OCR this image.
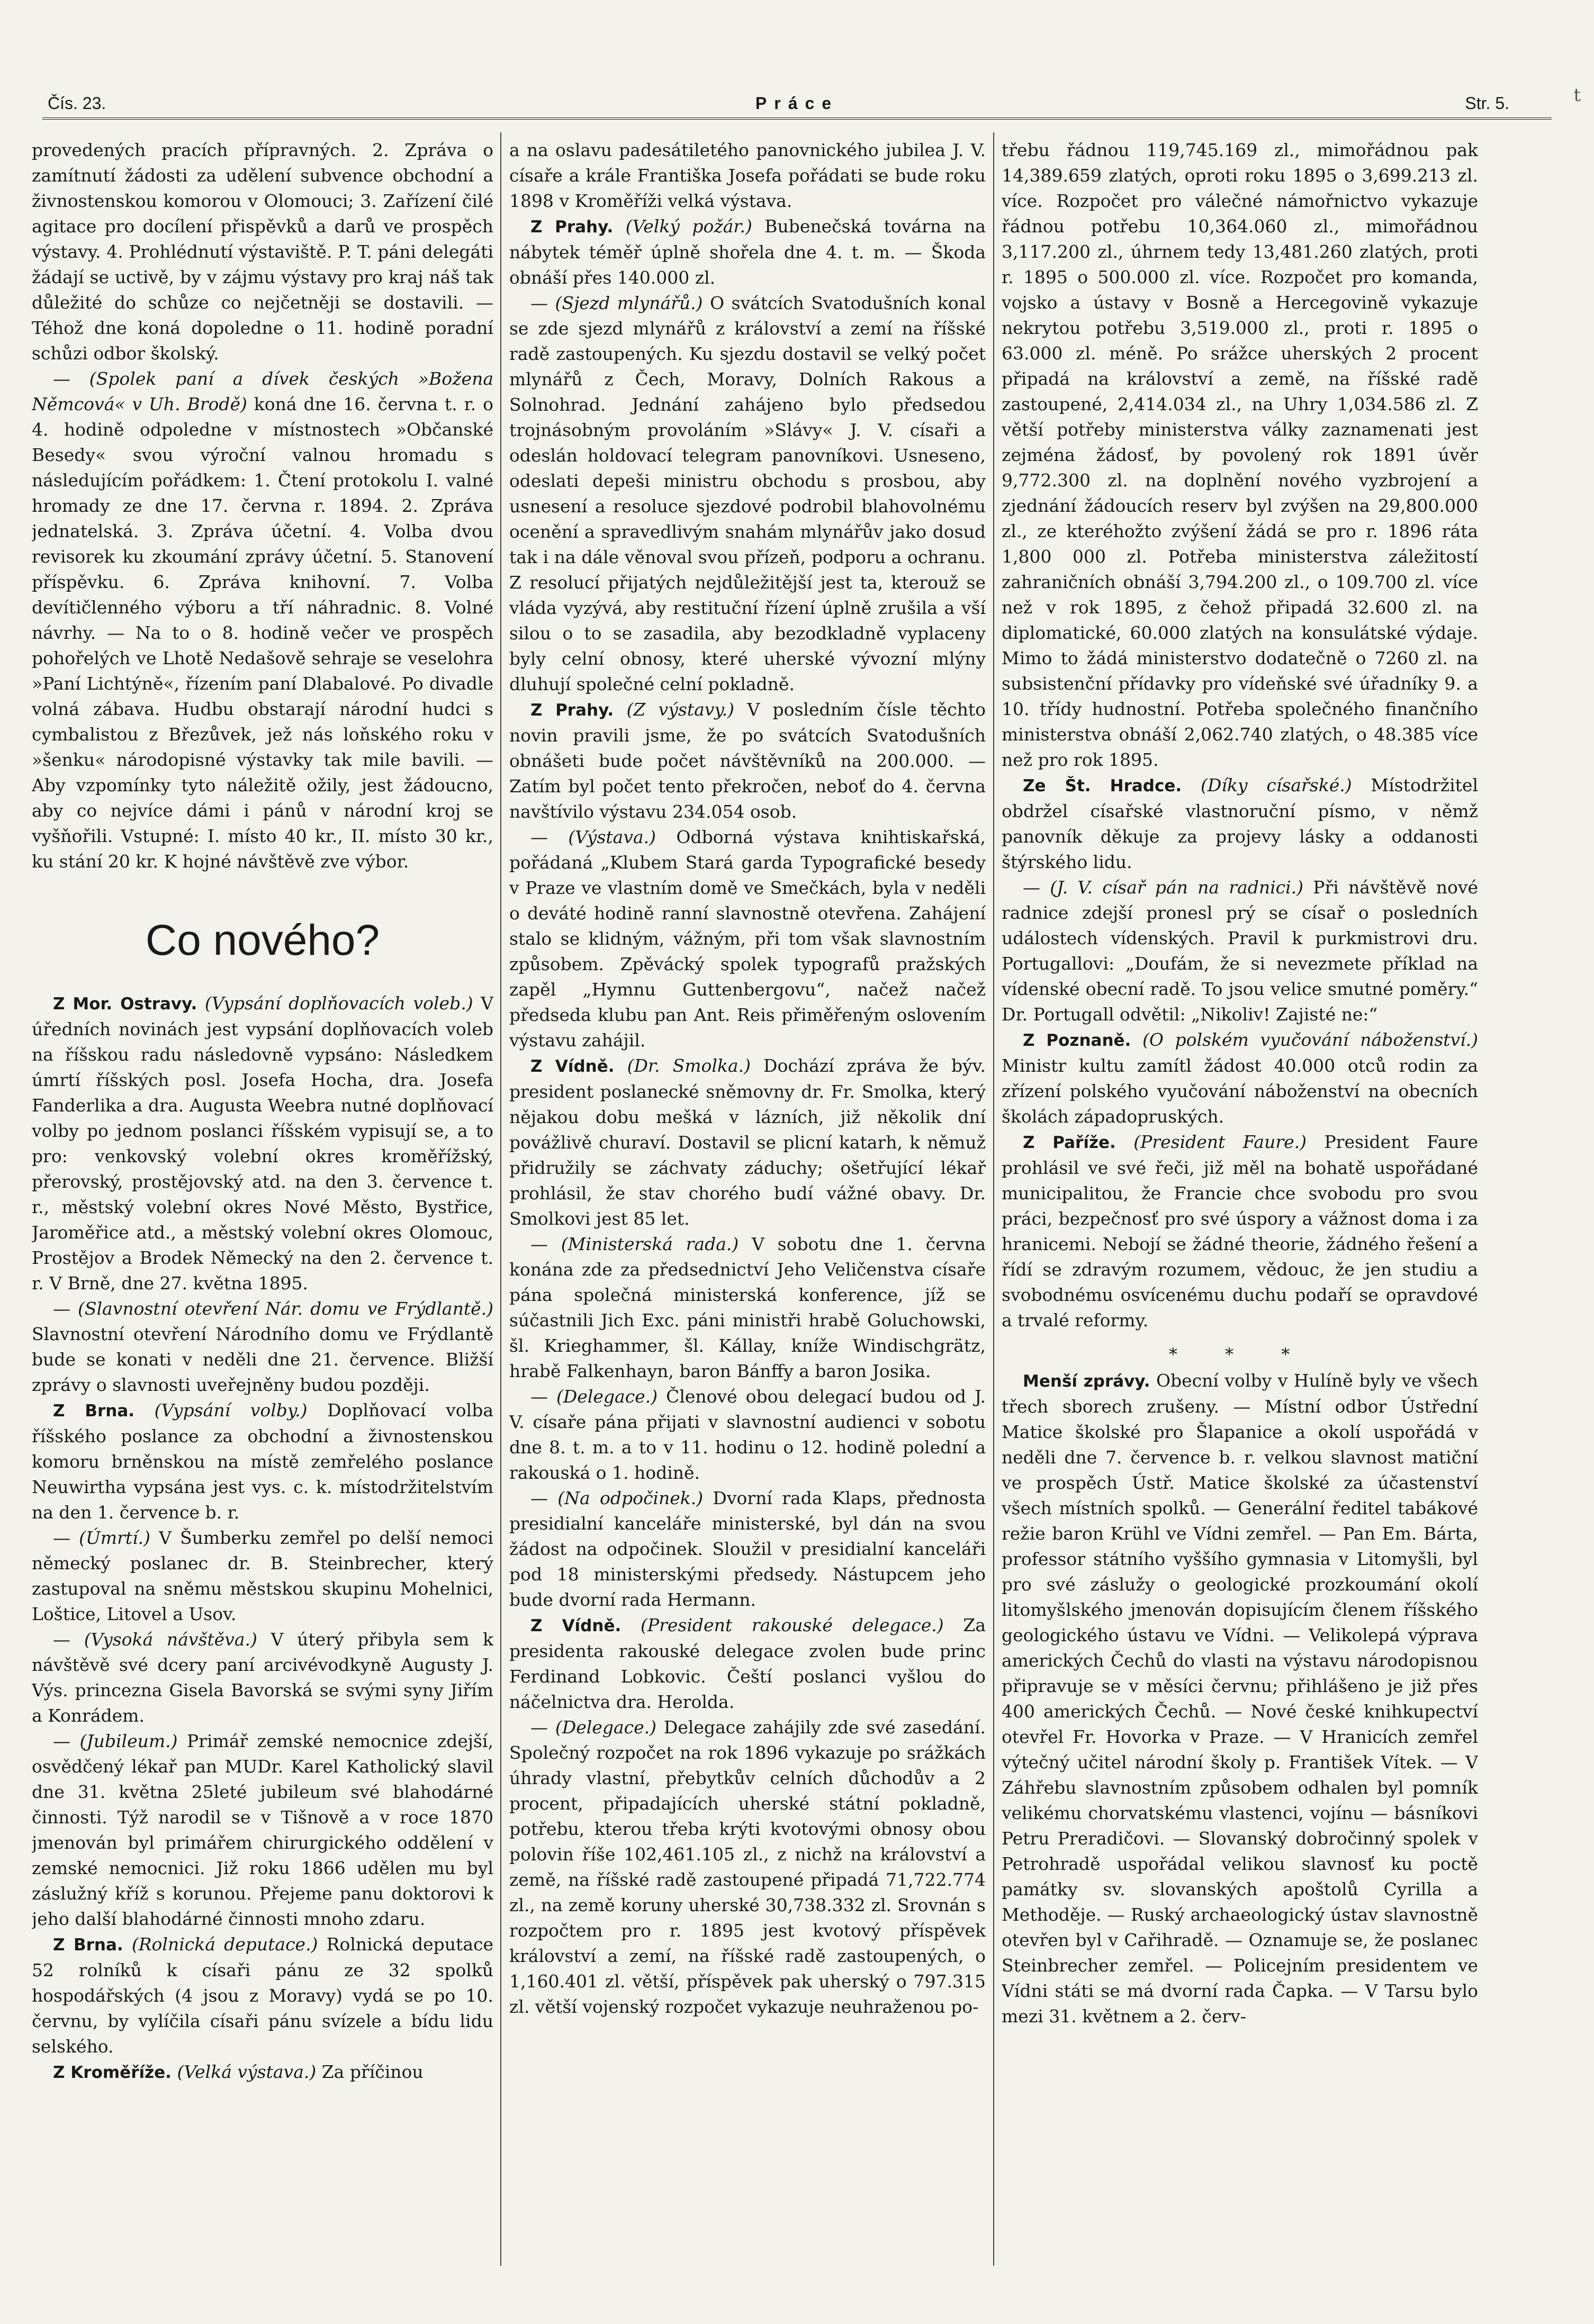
Čís. 23.	Práce	Str. 5.	t

provedených pracích přípravných. 2. Zpráva o zamítnutí žádosti za udělení subvence obchodní a živnostenskou komorou v Olomouci; 3. Zařízení čilé agitace pro docílení přispěvků a darů ve prospěch výstavy. 4. Prohlédnutí výstaviště. P. T. páni delegáti žádají se uctivě, by v zájmu výstavy pro kraj náš tak důležité do schůze co nejčetněji se dostavili. — Téhož dne koná dopoledne o 11. hodině poradní schůzi odbor školský.

— (Spolek paní a dívek českých »Božena Němcová« v Uh. Brodě) koná dne 16. června t. r. o 4. hodině odpoledne v místnostech »Občanské Besedy« svou výroční valnou hromadu s následujícím pořádkem: 1. Čtení protokolu I. valné hromady ze dne 17. června r. 1894. 2. Zpráva jednatelská. 3. Zpráva účetní. 4. Volba dvou revisorek ku zkoumání zprávy účetní. 5. Stanovení příspěvku. 6. Zpráva knihovní. 7. Volba devítičlenného výboru a tří náhradnic. 8. Volné návrhy. — Na to o 8. hodině večer ve prospěch pohořelých ve Lhotě Nedašově sehraje se veselohra »Paní Lichtýně«, řízením paní Dlabalové. Po divadle volná zábava. Hudbu obstarají národní hudci s cymbalistou z Březůvek, jež nás loňského roku v »šenku« národopisné výstavky tak mile bavili. — Aby vzpomínky tyto náležitě ožily, jest žádoucno, aby co nejvíce dámi i pánů v národní kroj se vyšňořili. Vstupné: I. místo 40 kr., II. místo 30 kr., ku stání 20 kr. K hojné návštěvě zve výbor.

Co nového?

Z Mor. Ostravy. (Vypsání doplňovacích voleb.) V úředních novinách jest vypsání doplňovacích voleb na říšskou radu následovně vypsáno: Následkem úmrtí říšských posl. Josefa Hocha, dra. Josefa Fanderlika a dra. Augusta Weebra nutné doplňovací volby po jednom poslanci říšském vypisují se, a to pro: venkovský volební okres kroměřížský, přerovský, prostějovský atd. na den 3. července t. r., městský volební okres Nové Město, Bystřice, Jaroměřice atd., a městský volební okres Olomouc, Prostějov a Brodek Německý na den 2. července t. r. V Brně, dne 27. května 1895.

— (Slavnostní otevření Nár. domu ve Frýdlantě.) Slavnostní otevření Národního domu ve Frýdlantě bude se konati v neděli dne 21. července. Bližší zprávy o slavnosti uveřejněny budou později.

Z Brna. (Vypsání volby.) Doplňovací volba říšského poslance za obchodní a živnostenskou komoru brněnskou na místě zemřelého poslance Neuwirtha vypsána jest vys. c. k. místodržitelstvím na den 1. července b. r.

— (Úmrtí.) V Šumberku zemřel po delší nemoci německý poslanec dr. B. Steinbrecher, který zastupoval na sněmu městskou skupinu Mohelnici, Loštice, Litovel a Usov.

— (Vysoká návštěva.) V úterý přibyla sem k návštěvě své dcery paní arcivévodkyně Augusty J. Výs. princezna Gisela Bavorská se svými syny Jiřím a Konrádem.

— (Jubileum.) Primář zemské nemocnice zdejší, osvědčený lékař pan MUDr. Karel Katholický slavil dne 31. května 25leté jubileum své blahodárné činnosti. Týž narodil se v Tišnově a v roce 1870 jmenován byl primářem chirurgického oddělení v zemské nemocnici. Již roku 1866 udělen mu byl záslužný kříž s korunou. Přejeme panu doktorovi k jeho další blahodárné činnosti mnoho zdaru.

Z Brna. (Rolnická deputace.) Rolnická deputace 52 rolníků k císaři pánu ze 32 spolků hospodářských (4 jsou z Moravy) vydá se po 10. červnu, by vylíčila císaři pánu svízele a bídu lidu selského.

Z Kroměříže. (Velká výstava.) Za příčinou

a na oslavu padesátiletého panovnického jubilea J. V. císaře a krále Františka Josefa pořádati se bude roku 1898 v Kroměříži velká výstava.

Z Prahy. (Velký požár.) Bubenečská továrna na nábytek téměř úplně shořela dne 4. t. m. — Škoda obnáší přes 140.000 zl.

— (Sjezd mlynářů.) O svátcích Svatodušních konal se zde sjezd mlynářů z království a zemí na říšské radě zastoupených. Ku sjezdu dostavil se velký počet mlynářů z Čech, Moravy, Dolních Rakous a Solnohrad. Jednání zahájeno bylo předsedou trojnásobným provoláním »Slávy« J. V. císaři a odeslán holdovací telegram panovníkovi. Usneseno, odeslati depeši ministru obchodu s prosbou, aby usnesení a resoluce sjezdové podrobil blahovolnému ocenění a spravedlivým snahám mlynářův jako dosud tak i na dále věnoval svou přízeň, podporu a ochranu. Z resolucí přijatých nejdůležitější jest ta, kterouž se vláda vyzývá, aby restituční řízení úplně zrušila a vší silou o to se zasadila, aby bezodkladně vyplaceny byly celní obnosy, které uherské vývozní mlýny dluhují společné celní pokladně.

Z Prahy. (Z výstavy.) V posledním čísle těchto novin pravili jsme, že po svátcích Svatodušních obnášeti bude počet návštěvníků na 200.000. — Zatím byl počet tento překročen, neboť do 4. června navštívilo výstavu 234.054 osob.

— (Výstava.) Odborná výstava knihtiskařská, pořádaná „Klubem Stará garda Typografické besedy v Praze ve vlastním domě ve Smečkách, byla v neděli o deváté hodině ranní slavnostně otevřena. Zahájení stalo se klidným, vážným, při tom však slavnostním způsobem. Zpěvácký spolek typografů pražských zapěl „Hymnu Guttenbergovu“, načež načež předseda klubu pan Ant. Reis přiměřeným oslovením výstavu zahájil.

Z Vídně. (Dr. Smolka.) Dochází zpráva že býv. president poslanecké sněmovny dr. Fr. Smolka, který nějakou dobu mešká v lázních, již několik dní povážlivě churaví. Dostavil se plicní katarh, k němuž přidružily se záchvaty záduchy; ošetřující lékař prohlásil, že stav chorého budí vážné obavy. Dr. Smolkovi jest 85 let.

— (Ministerská rada.) V sobotu dne 1. června konána zde za předsednictví Jeho Veličenstva císaře pána společná ministerská konference, jíž se súčastnili Jich Exc. páni ministři hrabě Goluchowski, šl. Krieghammer, šl. Kállay, kníže Windischgrätz, hrabě Falkenhayn, baron Bánffy a baron Josika.

— (Delegace.) Členové obou delegací budou od J. V. císaře pána přijati v slavnostní audienci v sobotu dne 8. t. m. a to v 11. hodinu o 12. hodině polední a rakouská o 1. hodině.

— (Na odpočinek.) Dvorní rada Klaps, přednosta presidialní kanceláře ministerské, byl dán na svou žádost na odpočinek. Sloužil v presidialní kanceláři pod 18 ministerskými předsedy. Nástupcem jeho bude dvorní rada Hermann.

Z Vídně. (President rakouské delegace.) Za presidenta rakouské delegace zvolen bude princ Ferdinand Lobkovic. Čeští poslanci vyšlou do náčelnictva dra. Herolda.

— (Delegace.) Delegace zahájily zde své zasedání. Společný rozpočet na rok 1896 vykazuje po srážkách úhrady vlastní, přebytkův celních důchodův a 2 procent, připadajících uherské státní pokladně, potřebu, kterou třeba krýti kvotovými obnosy obou polovin říše 102,461.105 zl., z nichž na království a země, na říšské radě zastoupené připadá 71,722.774 zl., na země koruny uherské 30,738.332 zl. Srovnán s rozpočtem pro r. 1895 jest kvotový příspěvek království a zemí, na říšské radě zastoupených, o 1,160.401 zl. větší, příspěvek pak uherský o 797.315 zl. větší vojenský rozpočet vykazuje neuhraženou po-

třebu řádnou 119,745.169 zl., mimořádnou pak 14,389.659 zlatých, oproti roku 1895 o 3,699.213 zl. více. Rozpočet pro válečné námořnictvo vykazuje řádnou potřebu 10,364.060 zl., mimořádnou 3,117.200 zl., úhrnem tedy 13,481.260 zlatých, proti r. 1895 o 500.000 zl. více. Rozpočet pro komanda, vojsko a ústavy v Bosně a Hercegovině vykazuje nekrytou potřebu 3,519.000 zl., proti r. 1895 o 63.000 zl. méně. Po srážce uherských 2 procent připadá na království a země, na říšské radě zastoupené, 2,414.034 zl., na Uhry 1,034.586 zl. Z větší potřeby ministerstva války zaznamenati jest zejména žádosť, by povolený rok 1891 úvěr 9,772.300 zl. na doplnění nového vyzbrojení a zjednání žádoucích reserv byl zvýšen na 29,800.000 zl., ze kteréhožto zvýšení žádá se pro r. 1896 ráta 1,800 000 zl. Potřeba ministerstva záležitostí zahraničních obnáší 3,794.200 zl., o 109.700 zl. více než v rok 1895, z čehož připadá 32.600 zl. na diplomatické, 60.000 zlatých na konsulátské výdaje. Mimo to žádá ministerstvo dodatečně o 7260 zl. na subsistenční přídavky pro vídeňské své úřadníky 9. a 10. třídy hudnostní. Potřeba společného finančního ministerstva obnáší 2,062.740 zlatých, o 48.385 více než pro rok 1895.

Ze Št. Hradce. (Díky císařské.) Místodržitel obdržel císařské vlastnoruční písmo, v němž panovník děkuje za projevy lásky a oddanosti štýrského lidu.

— (J. V. císař pán na radnici.) Při návštěvě nové radnice zdejší pronesl prý se císař o posledních událostech vídenských. Pravil k purkmistrovi dru. Portugallovi: „Doufám, že si nevezmete příklad na vídenské obecní radě. To jsou velice smutné poměry.“ Dr. Portugall odvětil: „Nikoliv! Zajisté ne:“

Z Poznaně. (O polském vyučování náboženství.) Ministr kultu zamítl žádost 40.000 otců rodin za zřízení polského vyučování náboženství na obecních školách západopruských.

Z Paříže. (President Faure.) President Faure prohlásil ve své řeči, již měl na bohatě uspořádané municipalitou, že Francie chce svobodu pro svou práci, bezpečnosť pro své úspory a vážnost doma i za hranicemi. Nebojí se žádné theorie, žádného řešení a řídí se zdravým rozumem, vědouc, že jen studiu a svobodnému osvícenému duchu podaří se opravdové a trvalé reformy.

* * *

Menší zprávy. Obecní volby v Hulíně byly ve všech třech sborech zrušeny. — Místní odbor Ústřední Matice školské pro Šlapanice a okolí uspořádá v neděli dne 7. července b. r. velkou slavnost matiční ve prospěch Ústř. Matice školské za účastenství všech místních spolků. — Generální ředitel tabákové režie baron Krühl ve Vídni zemřel. — Pan Em. Bárta, professor státního vyššího gymnasia v Litomyšli, byl pro své záslužy o geologické prozkoumání okolí litomyšlského jmenován dopisujícím členem říšského geologického ústavu ve Vídni. — Velikolepá výprava amerických Čechů do vlasti na výstavu národopisnou připravuje se v měsíci červnu; přihlášeno je již přes 400 amerických Čechů. — Nové české knihkupectví otevřel Fr. Hovorka v Praze. — V Hranicích zemřel výtečný učitel národní školy p. František Vítek. — V Záhřebu slavnostním způsobem odhalen byl pomník velikému chorvatskému vlastenci, vojínu — básníkovi Petru Preradičovi. — Slovanský dobročinný spolek v Petrohradě uspořádal velikou slavnosť ku poctě památky sv. slovanských apoštolů Cyrilla a Methoděje. — Ruský archaeologický ústav slavnostně otevřen byl v Cařihradě. — Oznamuje se, že poslanec Steinbrecher zemřel. — Policejním presidentem ve Vídni státi se má dvorní rada Čapka. — V Tarsu bylo mezi 31. květnem a 2. červ-
